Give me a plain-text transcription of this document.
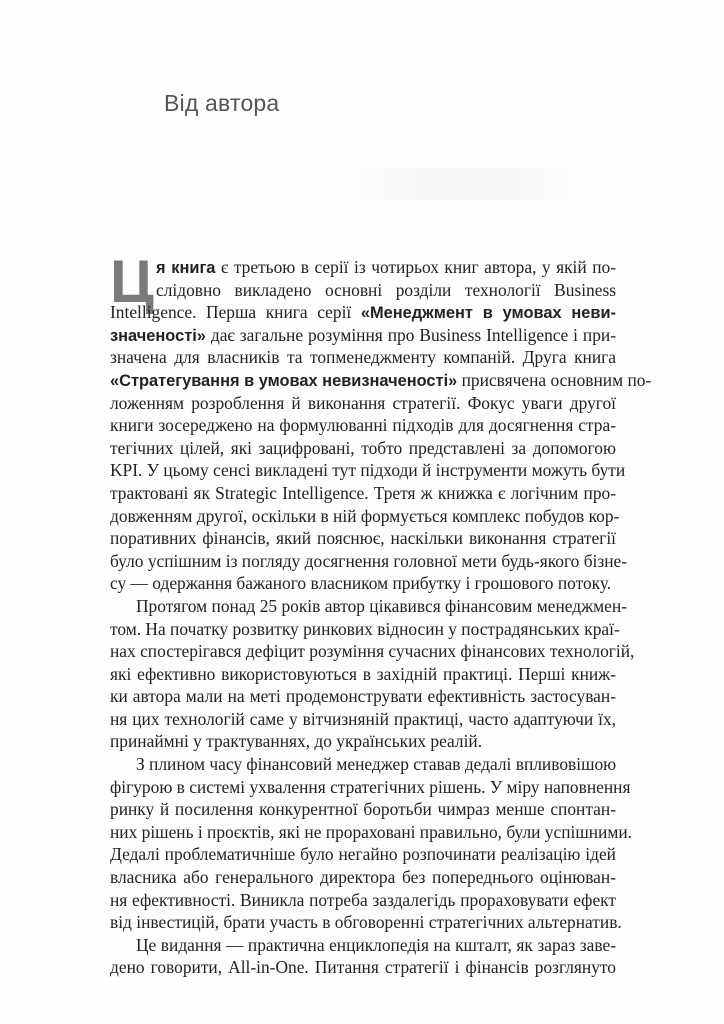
Від автора
Ц я книга є третьою в серії із чотирьох книг автора, у якій по-
слідовно викладено основні розділи технології Business
Intelligence. Перша книга серії «Менеджмент в умовах неви-
значеності» дає загальне розуміння про Business Intelligence і при-
значена для власників та топменеджменту компаній. Друга книга
«Стратегування в умовах невизначеності» присвячена основним по-
ложенням розроблення й виконання стратегії. Фокус уваги другої
книги зосереджено на формулюванні підходів для досягнення стра-
тегічних цілей, які зацифровані, тобто представлені за допомогою
KPI. У цьому сенсі викладені тут підходи й інструменти можуть бути
трактовані як Strategic Intelligence. Третя ж книжка є логічним про-
довженням другої, оскільки в ній формується комплекс побудов кор-
поративних фінансів, який пояснює, наскільки виконання стратегії
було успішним із погляду досягнення головної мети будь-якого бізне-
су — одержання бажаного власником прибутку і грошового потоку.
Протягом понад 25 років автор цікавився фінансовим менеджмен-
том. На початку розвитку ринкових відносин у пострадянських краї-
нах спостерігався дефіцит розуміння сучасних фінансових технологій,
які ефективно використовуються в західній практиці. Перші книж-
ки автора мали на меті продемонструвати ефективність застосуван-
ня цих технологій саме у вітчизняній практиці, часто адаптуючи їх,
принаймні у трактуваннях, до українських реалій.
З плином часу фінансовий менеджер ставав дедалі впливовішою
фігурою в системі ухвалення стратегічних рішень. У міру наповнення
ринку й посилення конкурентної боротьби чимраз менше спонтан-
них рішень і проєктів, які не прораховані правильно, були успішними.
Дедалі проблематичніше було негайно розпочинати реалізацію ідей
власника або генерального директора без попереднього оцінюван-
ня ефективності. Виникла потреба заздалегідь прораховувати ефект
від інвестицій, брати участь в обговоренні стратегічних альтернатив.
Це видання — практична енциклопедія на кшталт, як зараз заве-
дено говорити, All-in-One. Питання стратегії і фінансів розглянуто
